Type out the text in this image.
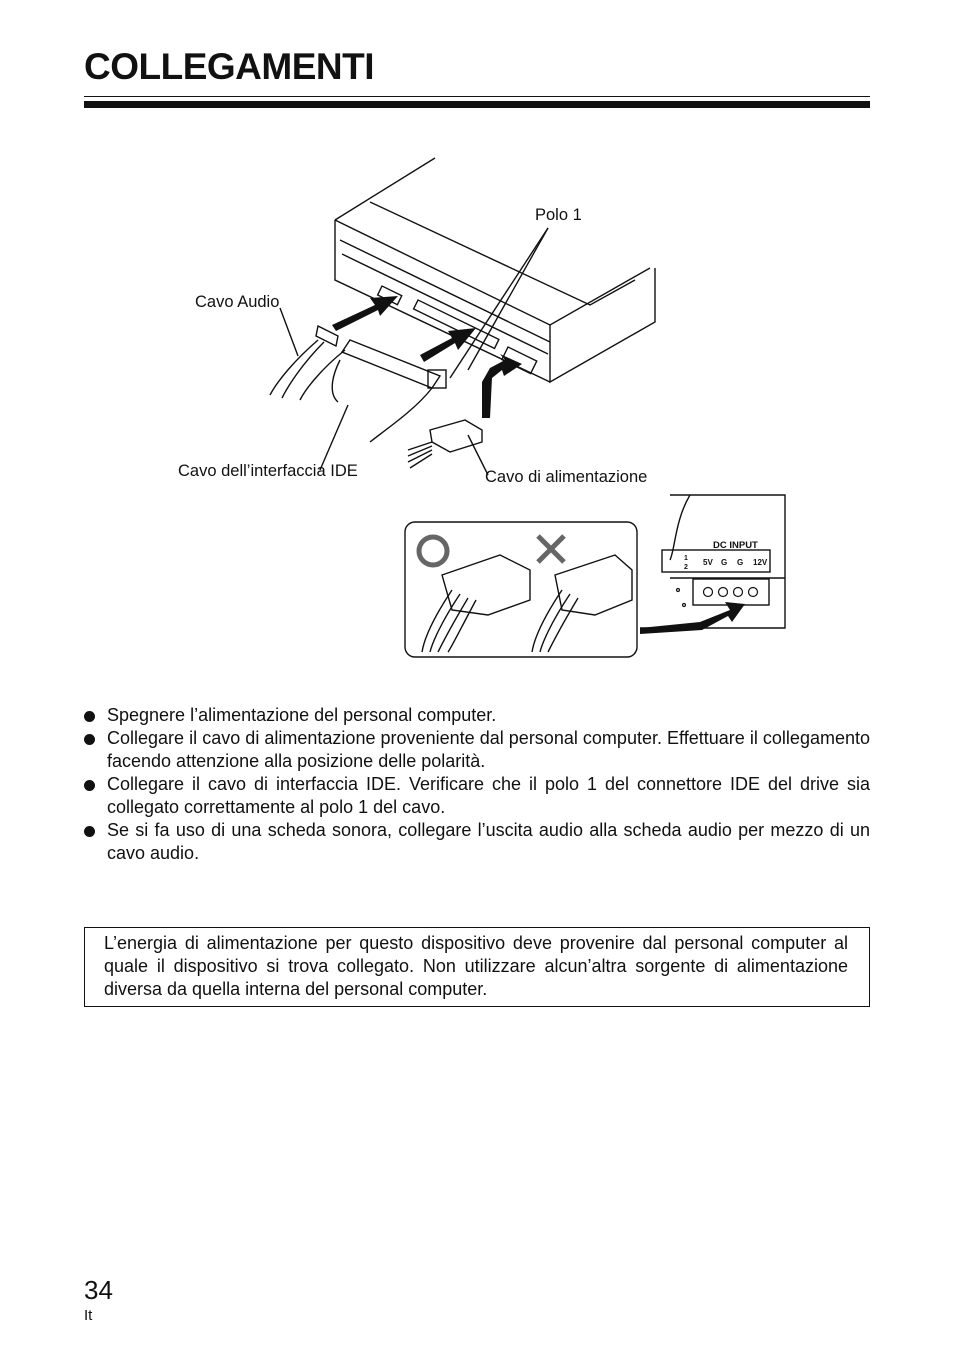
COLLEGAMENTI
DC INPUT
5V G G 12V
1
2
Polo 1
Cavo Audio
Cavo dell’interfaccia IDE	Cavo di alimentazione
Spegnere l’alimentazione del personal computer.
Collegare il cavo di alimentazione proveniente dal personal computer. Effettuare il collegamento facendo attenzione alla posizione delle polarità.
Collegare il cavo di interfaccia IDE. Verificare che il polo 1 del connettore IDE del drive sia collegato correttamente al polo 1 del cavo.
Se si fa uso di una scheda sonora, collegare l’uscita audio alla scheda audio per mezzo di un cavo audio.

L’energia di alimentazione per questo dispositivo deve provenire dal personal computer al quale il dispositivo si trova collegato. Non utilizzare alcun’altra sorgente di alimentazione diversa da quella interna del personal computer.

34
It
